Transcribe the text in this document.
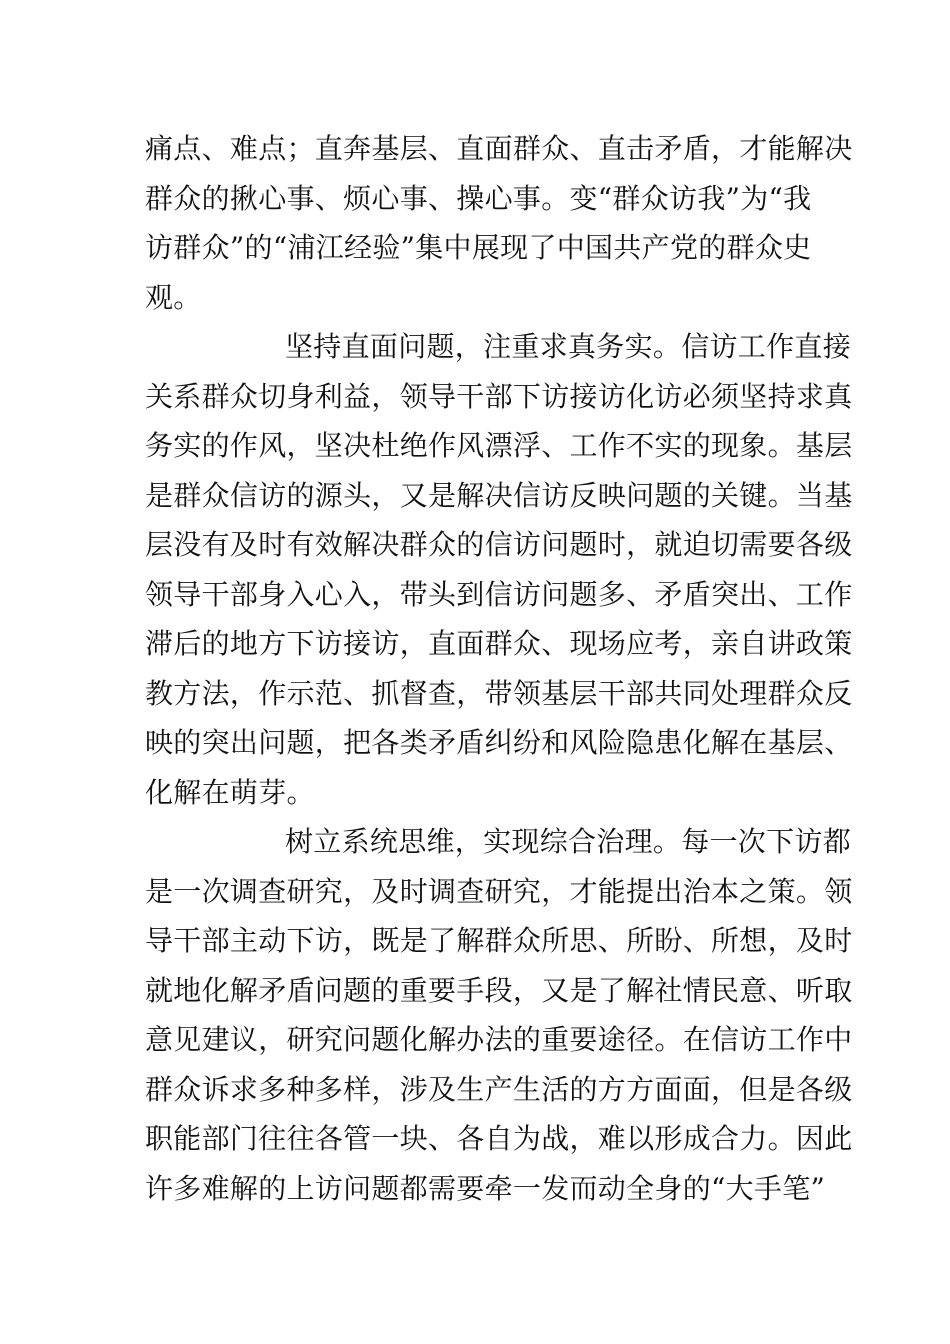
痛点、难点；直奔基层、直面群众、直击矛盾，才能解决
群众的揪心事、烦心事、操心事。变“群众访我”为“我
访群众”的“浦江经验”集中展现了中国共产党的群众史
观。
坚持直面问题，注重求真务实。信访工作直接
关系群众切身利益，领导干部下访接访化访必须坚持求真
务实的作风，坚决杜绝作风漂浮、工作不实的现象。基层
是群众信访的源头，又是解决信访反映问题的关键。当基
层没有及时有效解决群众的信访问题时，就迫切需要各级
领导干部身入心入，带头到信访问题多、矛盾突出、工作
滞后的地方下访接访，直面群众、现场应考，亲自讲政策
教方法，作示范、抓督查，带领基层干部共同处理群众反
映的突出问题，把各类矛盾纠纷和风险隐患化解在基层、
化解在萌芽。
树立系统思维，实现综合治理。每一次下访都
是一次调查研究，及时调查研究，才能提出治本之策。领
导干部主动下访，既是了解群众所思、所盼、所想，及时
就地化解矛盾问题的重要手段，又是了解社情民意、听取
意见建议，研究问题化解办法的重要途径。在信访工作中
群众诉求多种多样，涉及生产生活的方方面面，但是各级
职能部门往往各管一块、各自为战，难以形成合力。因此
许多难解的上访问题都需要牵一发而动全身的“大手笔”
